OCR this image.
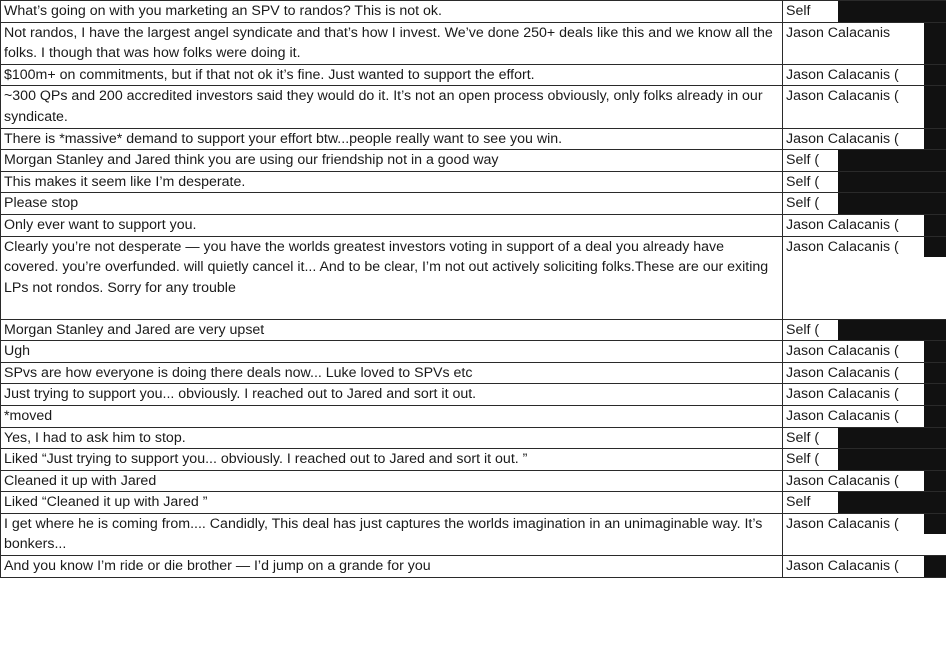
What’s going on with you marketing an SPV to randos? This is not ok.	Self

Not randos, I have the largest angel syndicate and that’s how I invest. We’ve done 250+ deals like this and we know all the folks. I though that was how folks were doing it.	Jason Calacanis

$100m+ on commitments, but if that not ok it’s fine. Just wanted to support the effort.	Jason Calacanis (

~300 QPs and 200 accredited investors said they would do it. It’s not an open process obviously, only folks already in our syndicate.	Jason Calacanis (

There is *massive* demand to support your effort btw...people really want to see you win.	Jason Calacanis (

Morgan Stanley and Jared think you are using our friendship not in a good way	Self (

This makes it seem like I’m desperate.	Self (

Please stop	Self (

Only ever want to support you.	Jason Calacanis (

Clearly you’re not desperate — you have the worlds greatest investors voting in support of a deal you already have covered. you’re overfunded. will quietly cancel it... And to be clear, I’m not out actively soliciting folks.These are our exiting LPs not rondos. Sorry for any trouble	Jason Calacanis (

Morgan Stanley and Jared are very upset	Self (

Ugh	Jason Calacanis (

SPvs are how everyone is doing there deals now... Luke loved to SPVs etc	Jason Calacanis (

Just trying to support you... obviously. I reached out to Jared and sort it out.	Jason Calacanis (

*moved	Jason Calacanis (

Yes, I had to ask him to stop.	Self (

Liked “Just trying to support you... obviously. I reached out to Jared and sort it out. ”	Self (

Cleaned it up with Jared	Jason Calacanis (

Liked “Cleaned it up with Jared ”	Self

I get where he is coming from.... Candidly, This deal has just captures the worlds imagination in an unimaginable way. It’s bonkers...	Jason Calacanis (

And you know I’m ride or die brother — I’d jump on a grande for you	Jason Calacanis (
